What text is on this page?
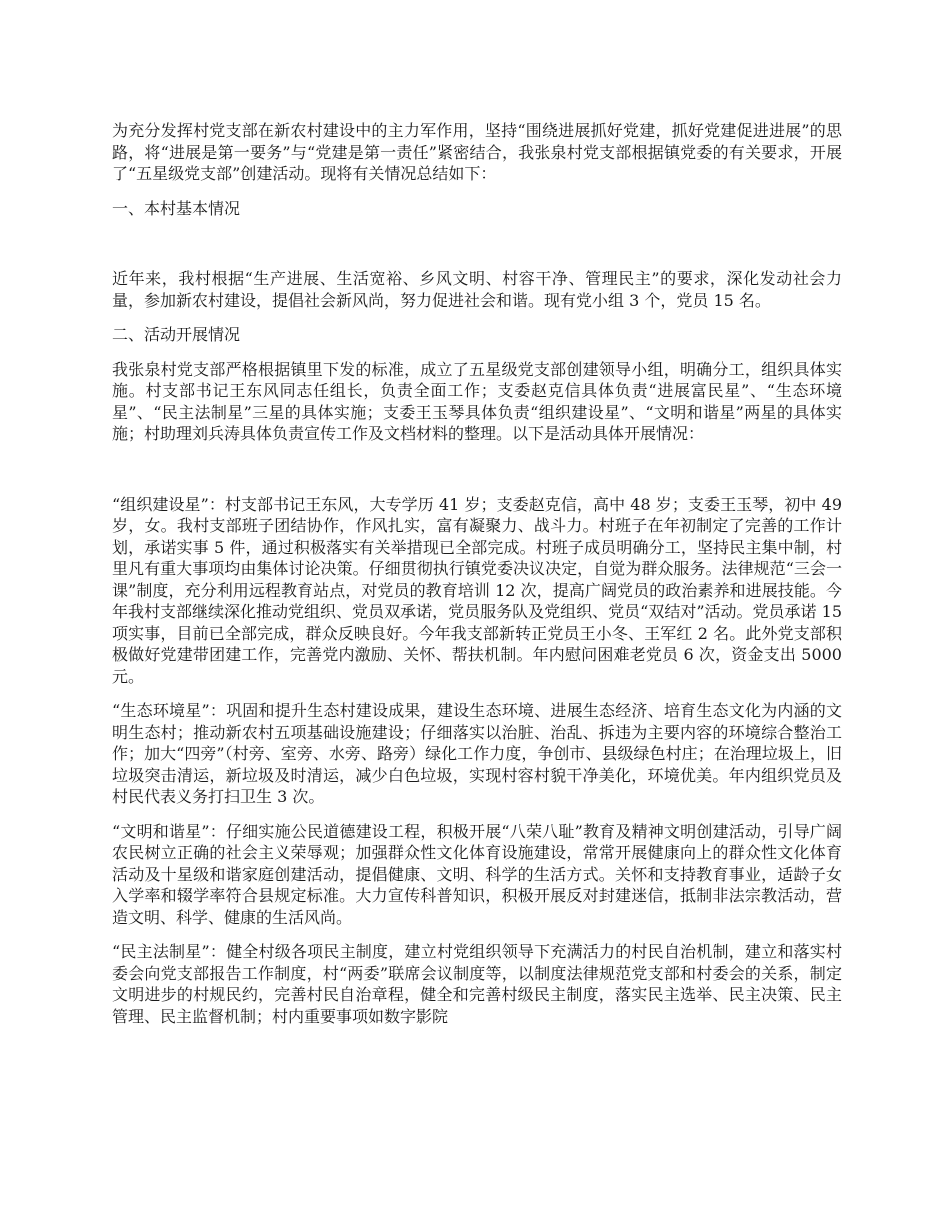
为充分发挥村党支部在新农村建设中的主力军作用，坚持“围绕进展抓好党建，抓好党建促进进展”的思路，将“进展是第一要务”与“党建是第一责任”紧密结合，我张泉村党支部根据镇党委的有关要求，开展了“五星级党支部”创建活动。现将有关情况总结如下：

一、本村基本情况

近年来，我村根据“生产进展、生活宽裕、乡风文明、村容干净、管理民主”的要求，深化发动社会力量，参加新农村建设，提倡社会新风尚，努力促进社会和谐。现有党小组 3 个，党员 15 名。

二、活动开展情况

我张泉村党支部严格根据镇里下发的标准，成立了五星级党支部创建领导小组，明确分工，组织具体实施。村支部书记王东风同志任组长，负责全面工作；支委赵克信具体负责“进展富民星”、“生态环境星”、“民主法制星”三星的具体实施；支委王玉琴具体负责“组织建设星”、“文明和谐星”两星的具体实施；村助理刘兵涛具体负责宣传工作及文档材料的整理。以下是活动具体开展情况：

“组织建设星”：村支部书记王东风，大专学历 41 岁；支委赵克信，高中 48 岁；支委王玉琴，初中 49 岁，女。我村支部班子团结协作，作风扎实，富有凝聚力、战斗力。村班子在年初制定了完善的工作计划，承诺实事 5 件，通过积极落实有关举措现已全部完成。村班子成员明确分工，坚持民主集中制，村里凡有重大事项均由集体讨论决策。仔细贯彻执行镇党委决议决定，自觉为群众服务。法律规范“三会一课”制度，充分利用远程教育站点，对党员的教育培训 12 次，提高广阔党员的政治素养和进展技能。今年我村支部继续深化推动党组织、党员双承诺，党员服务队及党组织、党员“双结对”活动。党员承诺 15 项实事，目前已全部完成，群众反映良好。今年我支部新转正党员王小冬、王军红 2 名。此外党支部积极做好党建带团建工作，完善党内激励、关怀、帮扶机制。年内慰问困难老党员 6 次，资金支出 5000 元。

“生态环境星”：巩固和提升生态村建设成果，建设生态环境、进展生态经济、培育生态文化为内涵的文明生态村；推动新农村五项基础设施建设；仔细落实以治脏、治乱、拆违为主要内容的环境综合整治工作；加大“四旁”（村旁、室旁、水旁、路旁）绿化工作力度，争创市、县级绿色村庄；在治理垃圾上，旧垃圾突击清运，新垃圾及时清运，减少白色垃圾，实现村容村貌干净美化，环境优美。年内组织党员及村民代表义务打扫卫生 3 次。

“文明和谐星”：仔细实施公民道德建设工程，积极开展“八荣八耻”教育及精神文明创建活动，引导广阔农民树立正确的社会主义荣辱观；加强群众性文化体育设施建设，常常开展健康向上的群众性文化体育活动及十星级和谐家庭创建活动，提倡健康、文明、科学的生活方式。关怀和支持教育事业，适龄子女入学率和辍学率符合县规定标准。大力宣传科普知识，积极开展反对封建迷信，抵制非法宗教活动，营造文明、科学、健康的生活风尚。

“民主法制星”：健全村级各项民主制度，建立村党组织领导下充满活力的村民自治机制，建立和落实村委会向党支部报告工作制度，村“两委”联席会议制度等，以制度法律规范党支部和村委会的关系，制定文明进步的村规民约，完善村民自治章程，健全和完善村级民主制度，落实民主选举、民主决策、民主管理、民主监督机制；村内重要事项如数字影院
